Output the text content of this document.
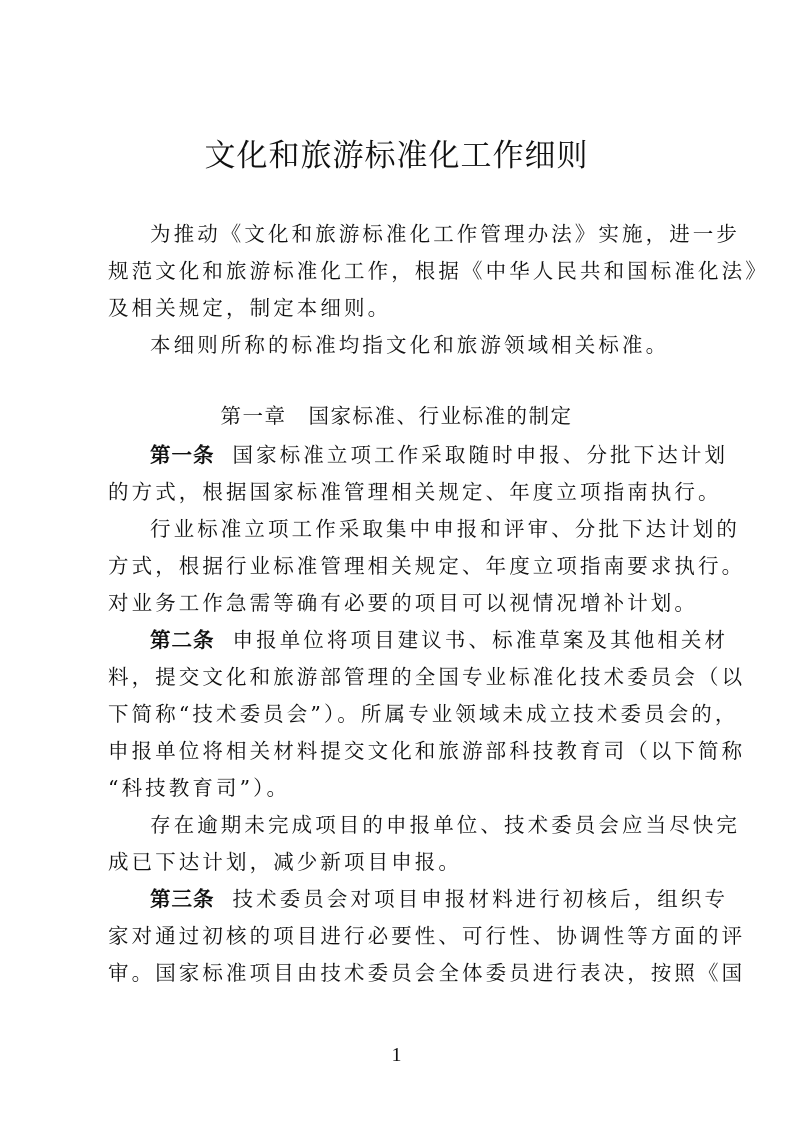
文化和旅游标准化工作细则

为推动《文化和旅游标准化工作管理办法》实施，进一步

规范文化和旅游标准化工作，根据《中华人民共和国标准化法》

及相关规定，制定本细则。

本细则所称的标准均指文化和旅游领域相关标准。

第一章　国家标准、行业标准的制定

第一条 国家标准立项工作采取随时申报、分批下达计划

的方式，根据国家标准管理相关规定、年度立项指南执行。

行业标准立项工作采取集中申报和评审、分批下达计划的

方式，根据行业标准管理相关规定、年度立项指南要求执行。

对业务工作急需等确有必要的项目可以视情况增补计划。

第二条 申报单位将项目建议书、标准草案及其他相关材

料，提交文化和旅游部管理的全国专业标准化技术委员会（以

下简称“技术委员会”）。所属专业领域未成立技术委员会的，

申报单位将相关材料提交文化和旅游部科技教育司（以下简称

“科技教育司”）。

存在逾期未完成项目的申报单位、技术委员会应当尽快完

成已下达计划，减少新项目申报。

第三条 技术委员会对项目申报材料进行初核后，组织专

家对通过初核的项目进行必要性、可行性、协调性等方面的评

审。国家标准项目由技术委员会全体委员进行表决，按照《国

1
